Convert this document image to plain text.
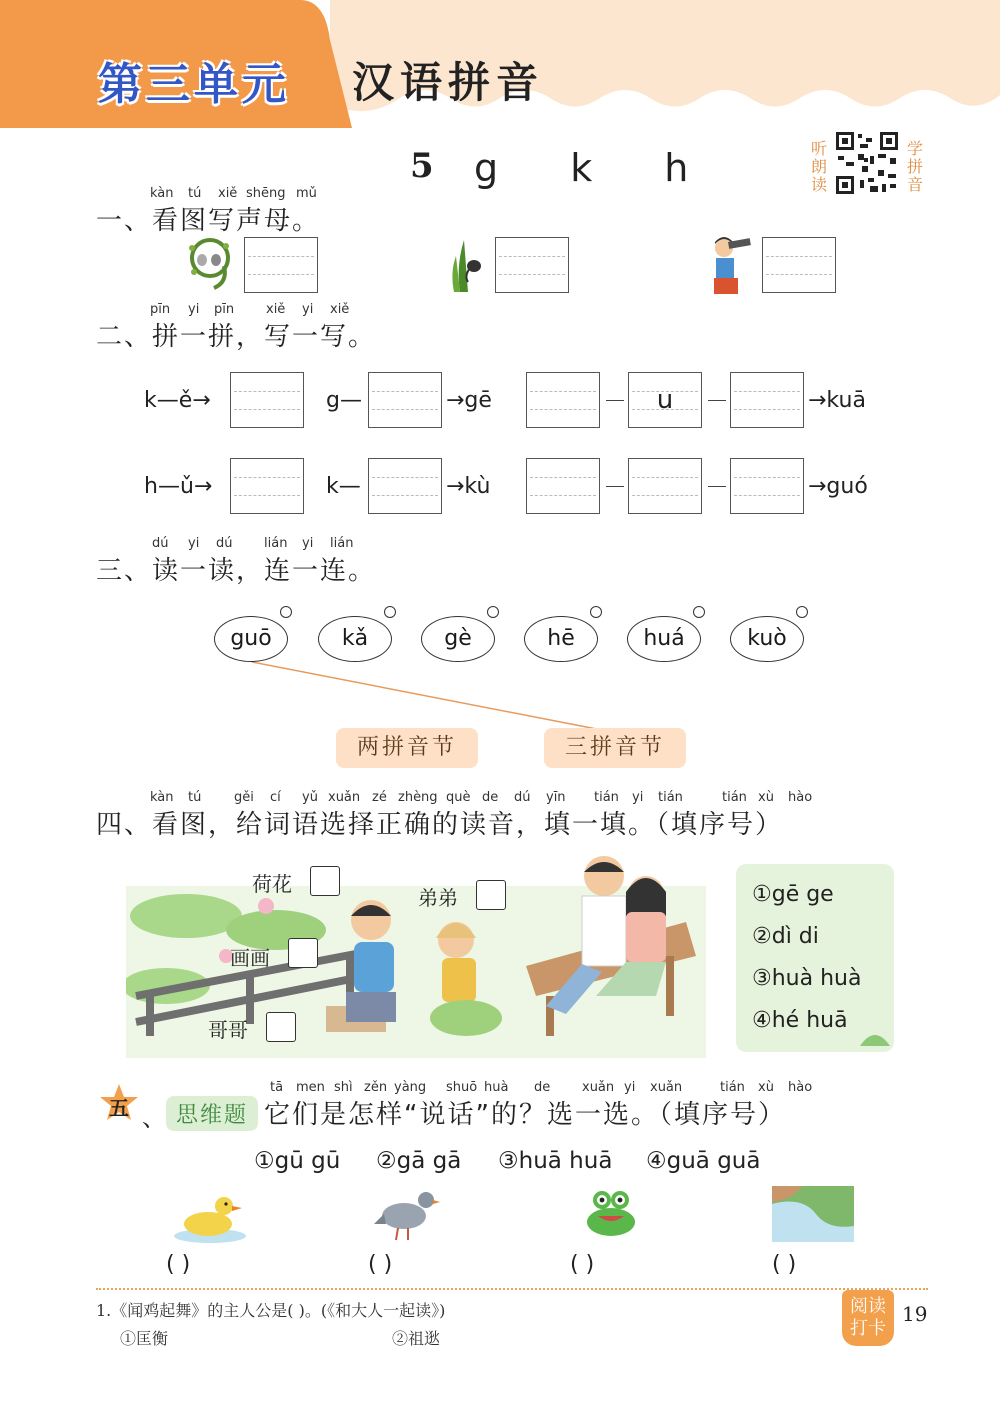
第三单元 汉语拼音
5 g k h	听
朗
读
学
拼
音
kàn tú xiě shēng mǔ
一、看图写声母。
pīn yi pīn xiě yi xiě
二、拼一拼，写一写。
k—ě→	g—	→gē	u	→kuā
h—ǔ→	k—	→kù	→guó
dú yi dú lián yi lián
三、读一读，连一连。
guō	kǎ	gè	hē	huá	kuò
两拼音节	三拼音节
kàn tú	gěi cí yǔ xuǎn zé zhèng què de dú yīn tián yi tián	tián xù hào
四、看图，给词语选择正确的读音，填一填。（填序号）
荷花
弟弟
画画
哥哥
①gē ge
②dì di
③huà huà
④hé huā
五 、 思维题
tā men shì zěn yàng shuō huà de xuǎn yi xuǎn	tián xù hào
它们是怎样“说话”的？选一选。（填序号）
①gū gū ②gā gā ③huā huā ④guā guā
( )	( )	( )	( )
1.《闻鸡起舞》的主人公是( )。(《和大人一起读》)
①匡衡	②祖逖
阅读
打卡
19
